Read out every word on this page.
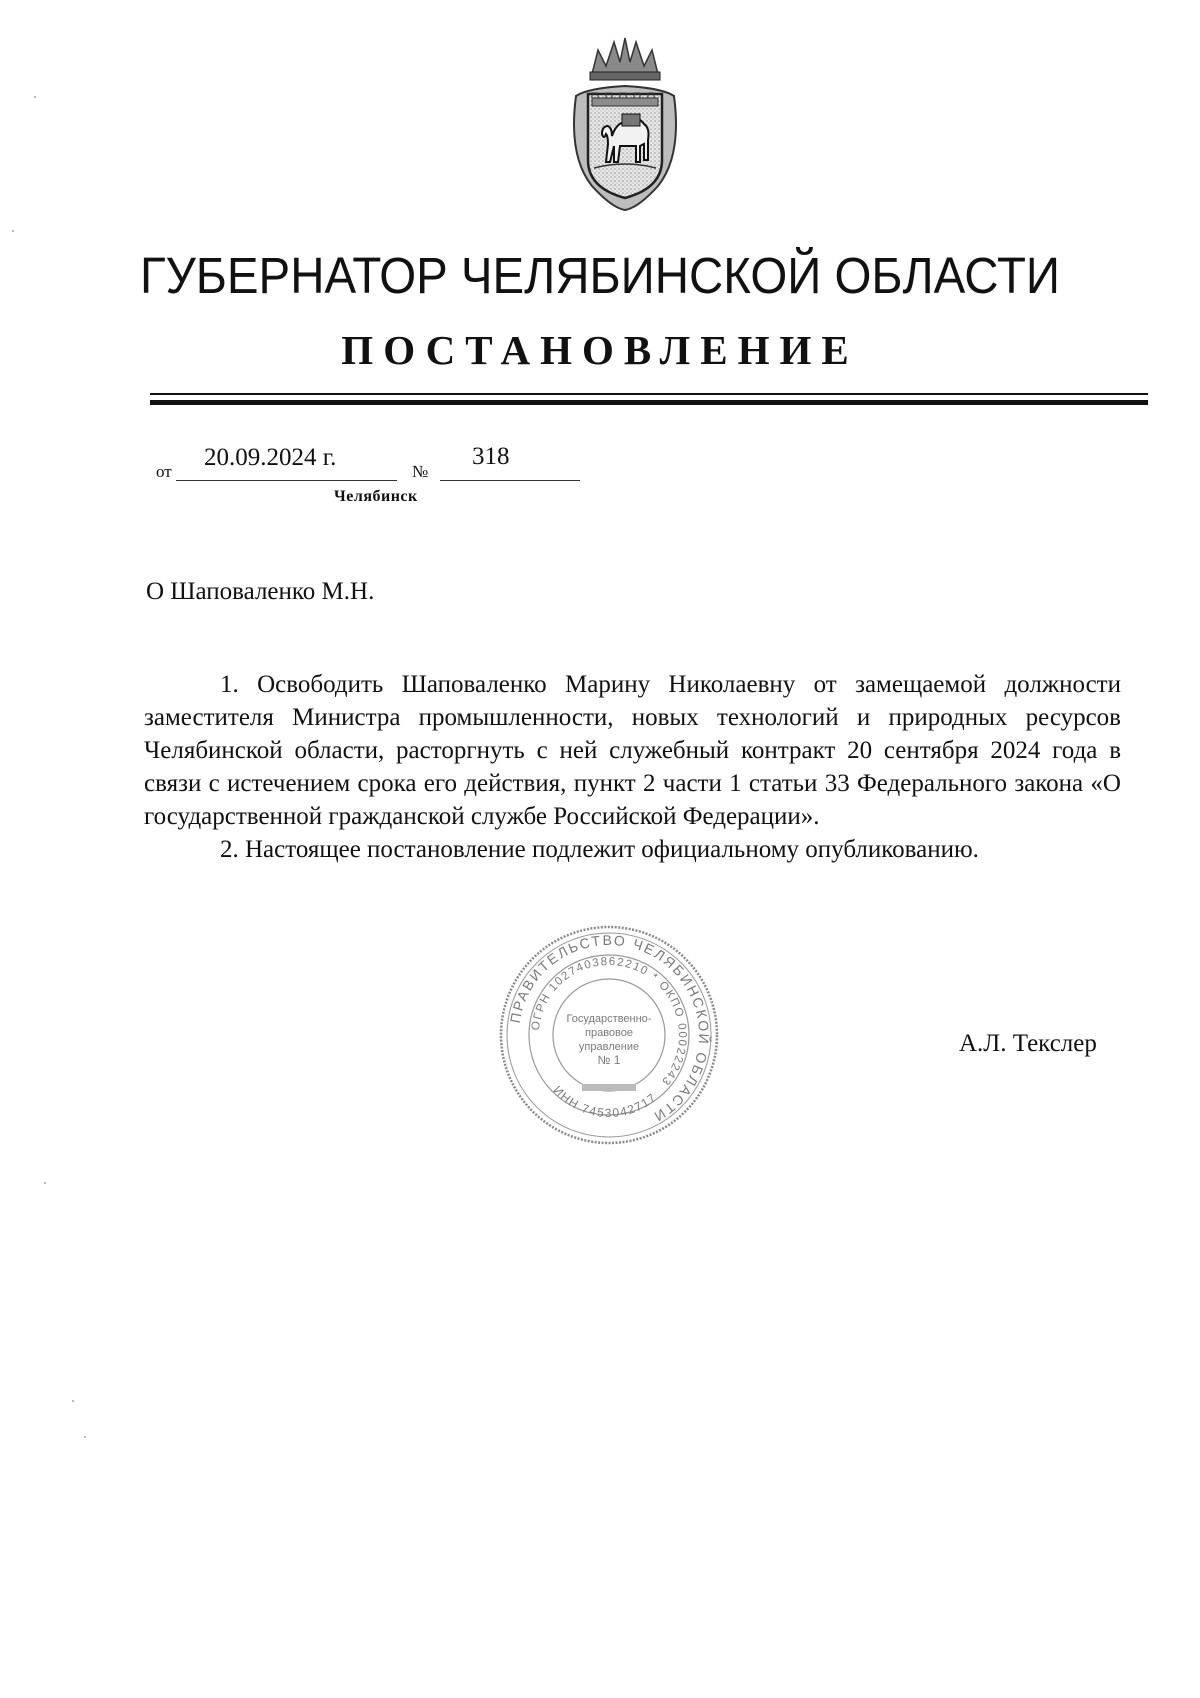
ГУБЕРНАТОР ЧЕЛЯБИНСКОЙ ОБЛАСТИ
ПОСТАНОВЛЕНИЕ
от
20.09.2024 г.
№
318
Челябинск
О Шаповаленко М.Н.

1. Освободить Шаповаленко Марину Николаевну от замещаемой должности заместителя Министра промышленности, новых технологий и природных ресурсов Челябинской области, расторгнуть с ней служебный контракт 20 сентября 2024 года в связи с истечением срока его действия, пункт 2 части 1 статьи 33 Федерального закона «О государственной гражданской службе Российской Федерации».

2. Настоящее постановление подлежит официальному опубликованию.

ПРАВИТЕЛЬСТВО ЧЕЛЯБИНСКОЙ ОБЛАСТИ
ОГРН 1027403862210 * ОКПО 00022243
ИНН 7453042717
Государственно-
правовое
управление
№ 1
А.Л. Текслер
